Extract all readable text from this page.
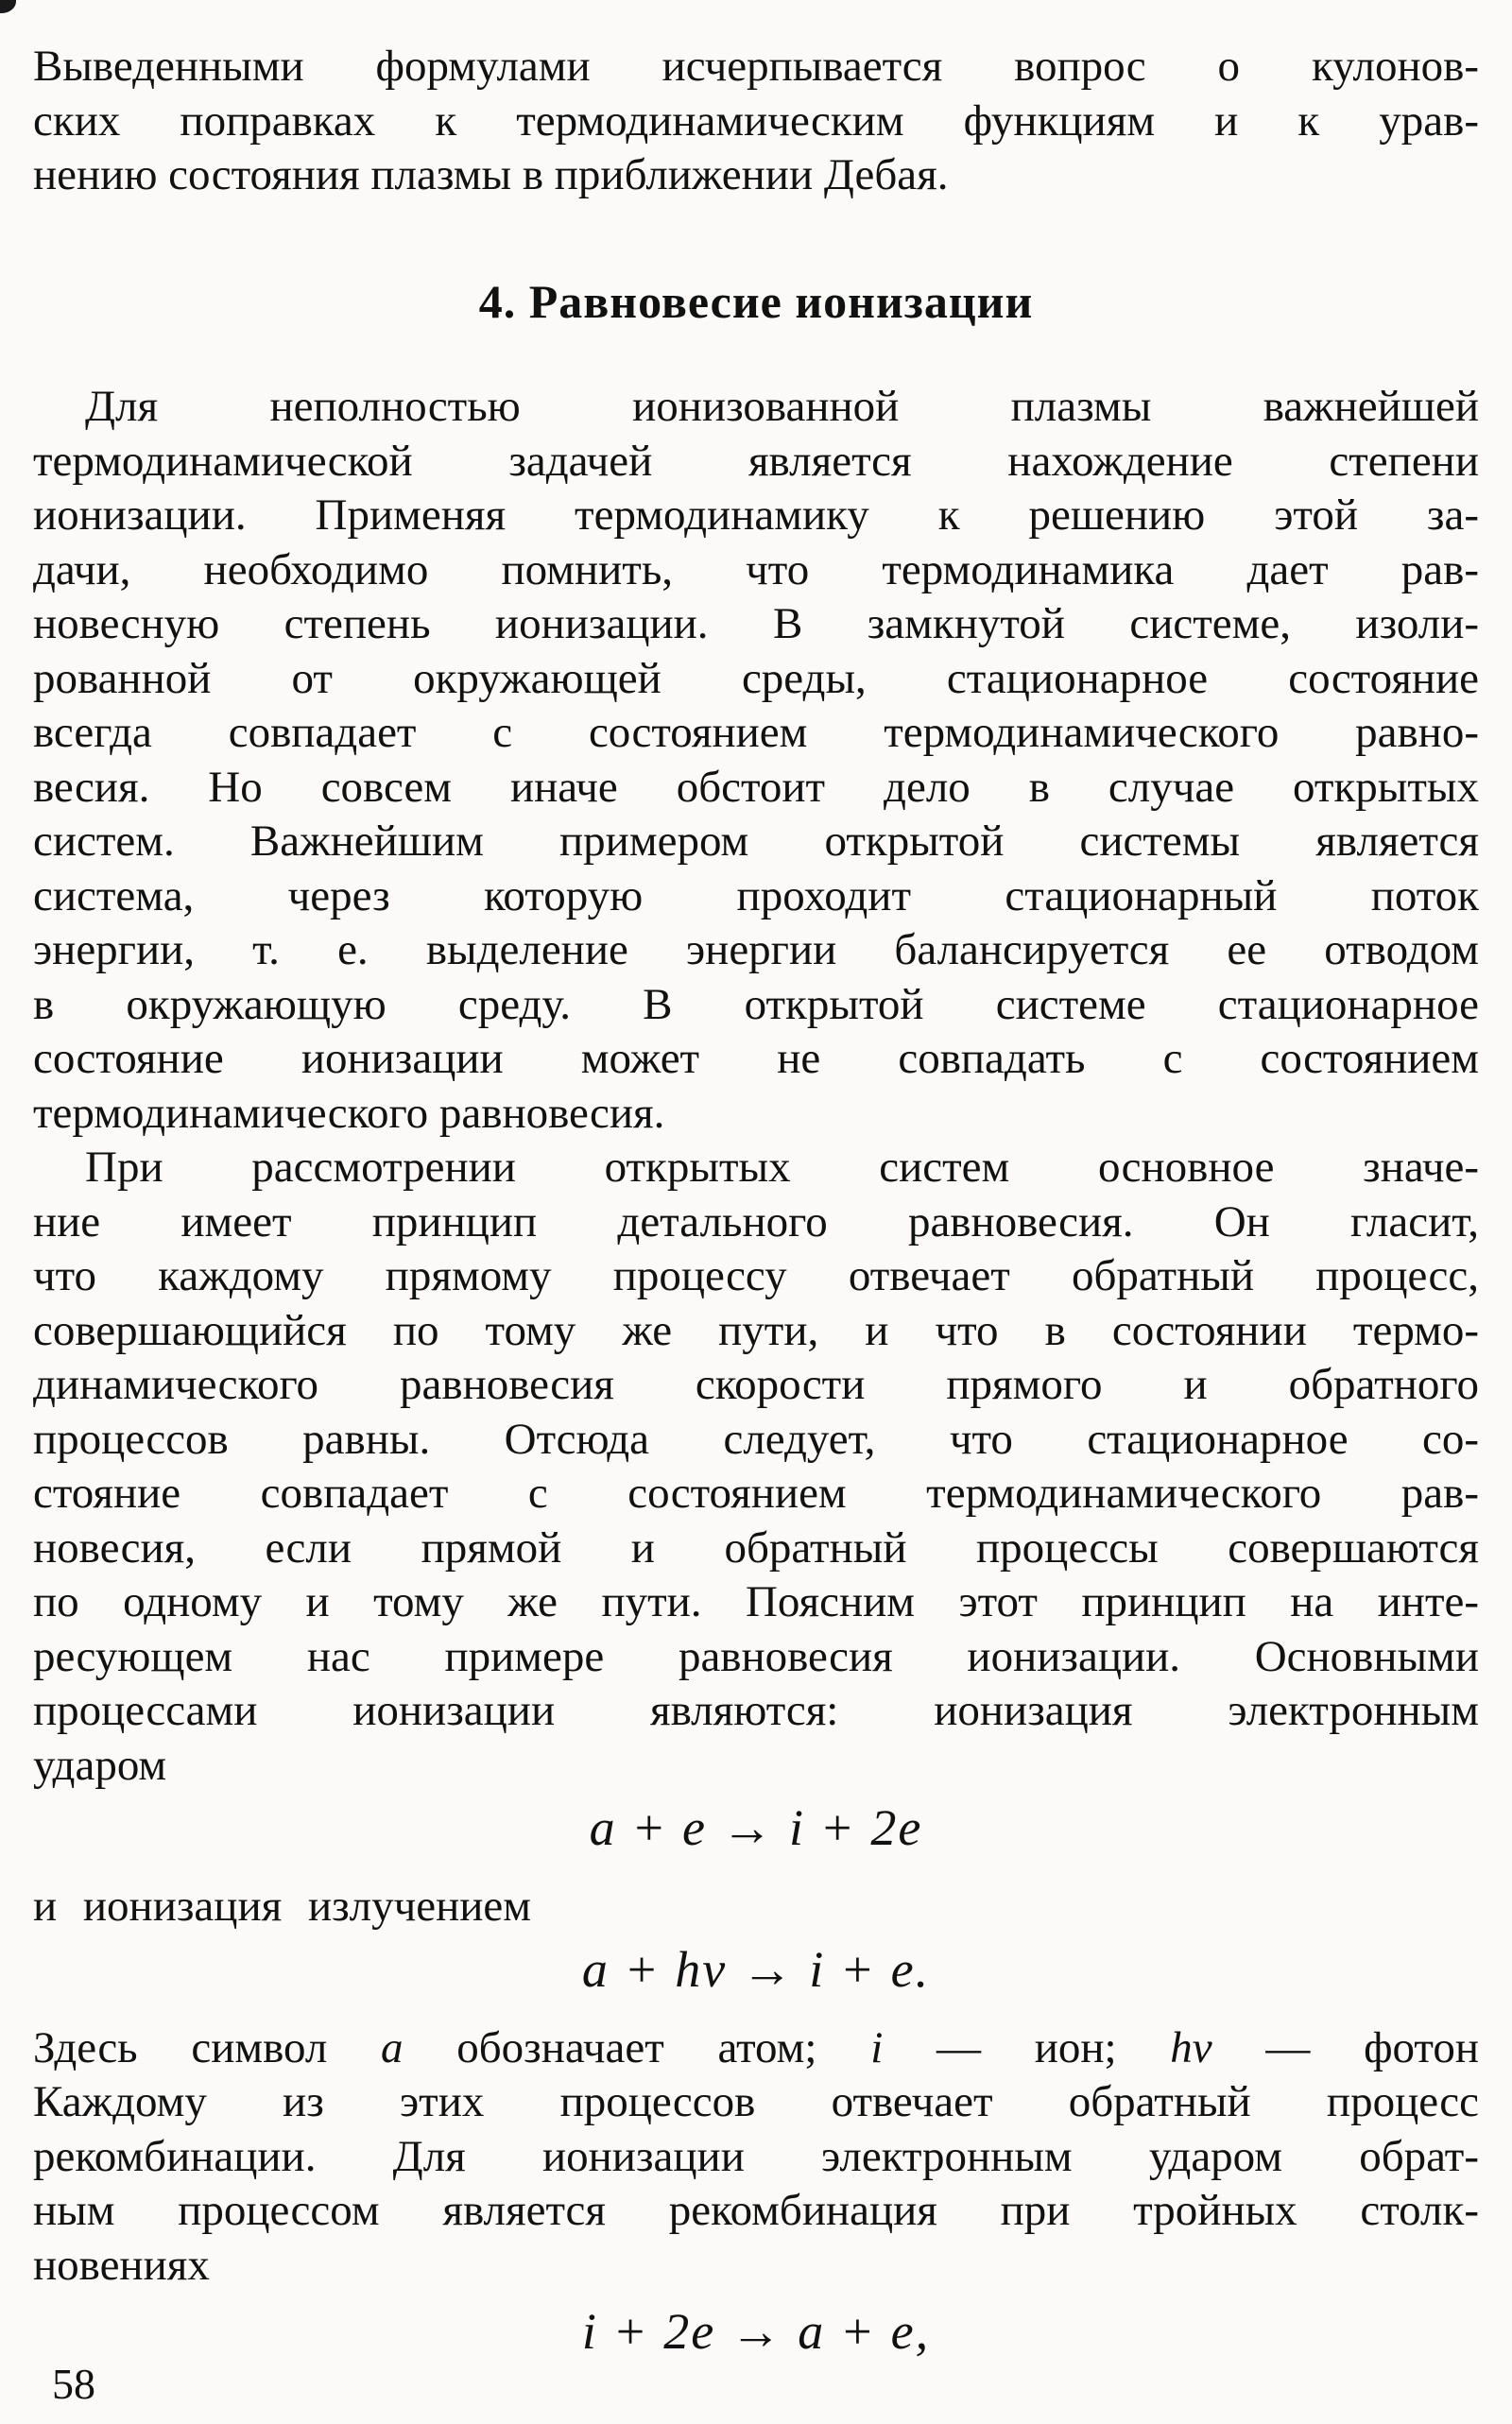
Выведенными формулами исчерпывается вопрос о кулонов-
ских поправках к термодинамическим функциям и к урав-
нению состояния плазмы в приближении Дебая.
4. Равновесие ионизации
Для неполностью ионизованной плазмы важнейшей
термодинамической задачей является нахождение степени
ионизации. Применяя термодинамику к решению этой за-
дачи, необходимо помнить, что термодинамика дает рав-
новесную степень ионизации. В замкнутой системе, изоли-
рованной от окружающей среды, стационарное состояние
всегда совпадает с состоянием термодинамического равно-
весия. Но совсем иначе обстоит дело в случае открытых
систем. Важнейшим примером открытой системы является
система, через которую проходит стационарный поток
энергии, т. е. выделение энергии балансируется ее отводом
в окружающую среду. В открытой системе стационарное
состояние ионизации может не совпадать с состоянием
термодинамического равновесия.
При рассмотрении открытых систем основное значе-
ние имеет принцип детального равновесия. Он гласит,
что каждому прямому процессу отвечает обратный процесс,
совершающийся по тому же пути, и что в состоянии термо-
динамического равновесия скорости прямого и обратного
процессов равны. Отсюда следует, что стационарное со-
стояние совпадает с состоянием термодинамического рав-
новесия, если прямой и обратный процессы совершаются
по одному и тому же пути. Поясним этот принцип на инте-
ресующем нас примере равновесия ионизации. Основными
процессами ионизации являются: ионизация электронным
ударом
a + e → i + 2e
и ионизация излучением
a + hν → i + e.
Здесь символ a обозначает атом; i — ион; hν — фотон
Каждому из этих процессов отвечает обратный процесс
рекомбинации. Для ионизации электронным ударом обрат-
ным процессом является рекомбинация при тройных столк-
новениях
i + 2e → a + e,
58
